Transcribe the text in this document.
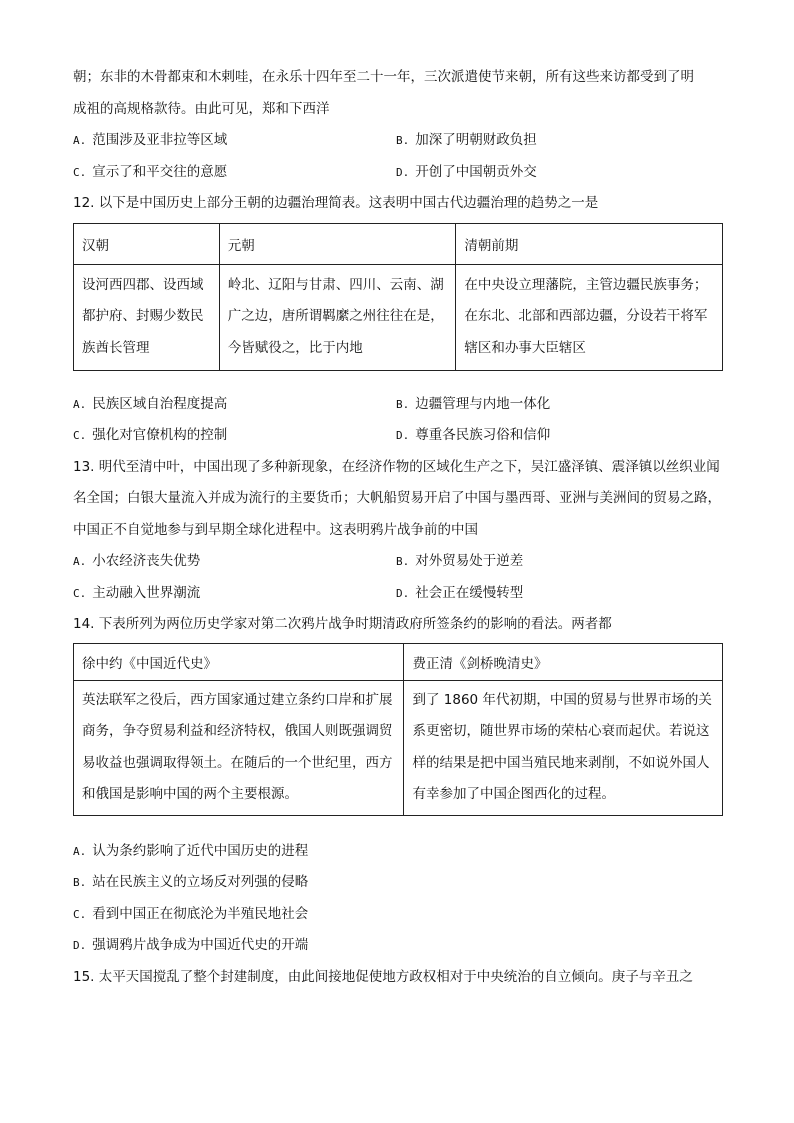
朝；东非的木骨都束和木剌哇，在永乐十四年至二十一年，三次派遣使节来朝，所有这些来访都受到了明
成祖的高规格款待。由此可见，郑和下西洋
A. 范围涉及亚非拉等区域	B. 加深了明朝财政负担
C. 宣示了和平交往的意愿	D. 开创了中国朝贡外交
12. 以下是中国历史上部分王朝的边疆治理简表。这表明中国古代边疆治理的趋势之一是
汉朝	元朝	清朝前期

设河西四郡、设西域都护府、封赐少数民族酋长管理	岭北、辽阳与甘肃、四川、云南、湖广之边，唐所谓羁縻之州往往在是，今皆赋役之，比于内地	在中央设立理藩院，主管边疆民族事务；在东北、北部和西部边疆，分设若干将军辖区和办事大臣辖区
A. 民族区域自治程度提高	B. 边疆管理与内地一体化
C. 强化对官僚机构的控制	D. 尊重各民族习俗和信仰
13. 明代至清中叶，中国出现了多种新现象，在经济作物的区域化生产之下，吴江盛泽镇、震泽镇以丝织业闻名全国；白银大量流入并成为流行的主要货币；大帆船贸易开启了中国与墨西哥、亚洲与美洲间的贸易之路，中国正不自觉地参与到早期全球化进程中。这表明鸦片战争前的中国
A. 小农经济丧失优势	B. 对外贸易处于逆差
C. 主动融入世界潮流	D. 社会正在缓慢转型
14. 下表所列为两位历史学家对第二次鸦片战争时期清政府所签条约的影响的看法。两者都
徐中约《中国近代史》	费正清《剑桥晚清史》

英法联军之役后，西方国家通过建立条约口岸和扩展商务，争夺贸易利益和经济特权，俄国人则既强调贸易收益也强调取得领土。在随后的一个世纪里，西方和俄国是影响中国的两个主要根源。	到了 1860 年代初期，中国的贸易与世界市场的关系更密切，随世界市场的荣枯心衰而起伏。若说这样的结果是把中国当殖民地来剥削，不如说外国人有幸参加了中国企图西化的过程。
A. 认为条约影响了近代中国历史的进程
B. 站在民族主义的立场反对列强的侵略
C. 看到中国正在彻底沦为半殖民地社会
D. 强调鸦片战争成为中国近代史的开端
15. 太平天国搅乱了整个封建制度，由此间接地促使地方政权相对于中央统治的自立倾向。庚子与辛丑之
